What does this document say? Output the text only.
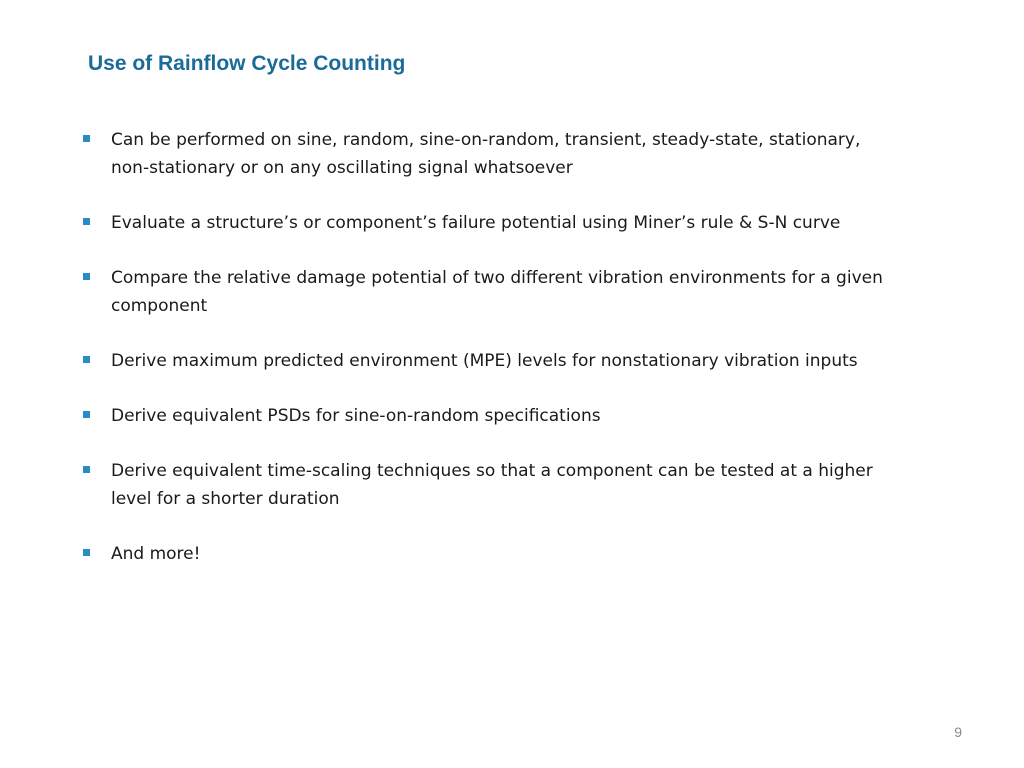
Use of Rainflow Cycle Counting
Can be performed on sine, random, sine-on-random, transient, steady-state, stationary, non-stationary or on any oscillating signal whatsoever
Evaluate a structure’s or component’s failure potential using Miner’s rule & S-N curve
Compare the relative damage potential of two different vibration environments for a given component
Derive maximum predicted environment (MPE) levels for nonstationary vibration inputs
Derive equivalent PSDs for sine-on-random specifications
Derive equivalent time-scaling techniques so that a component can be tested at a higher level for a shorter duration
And more!
9
